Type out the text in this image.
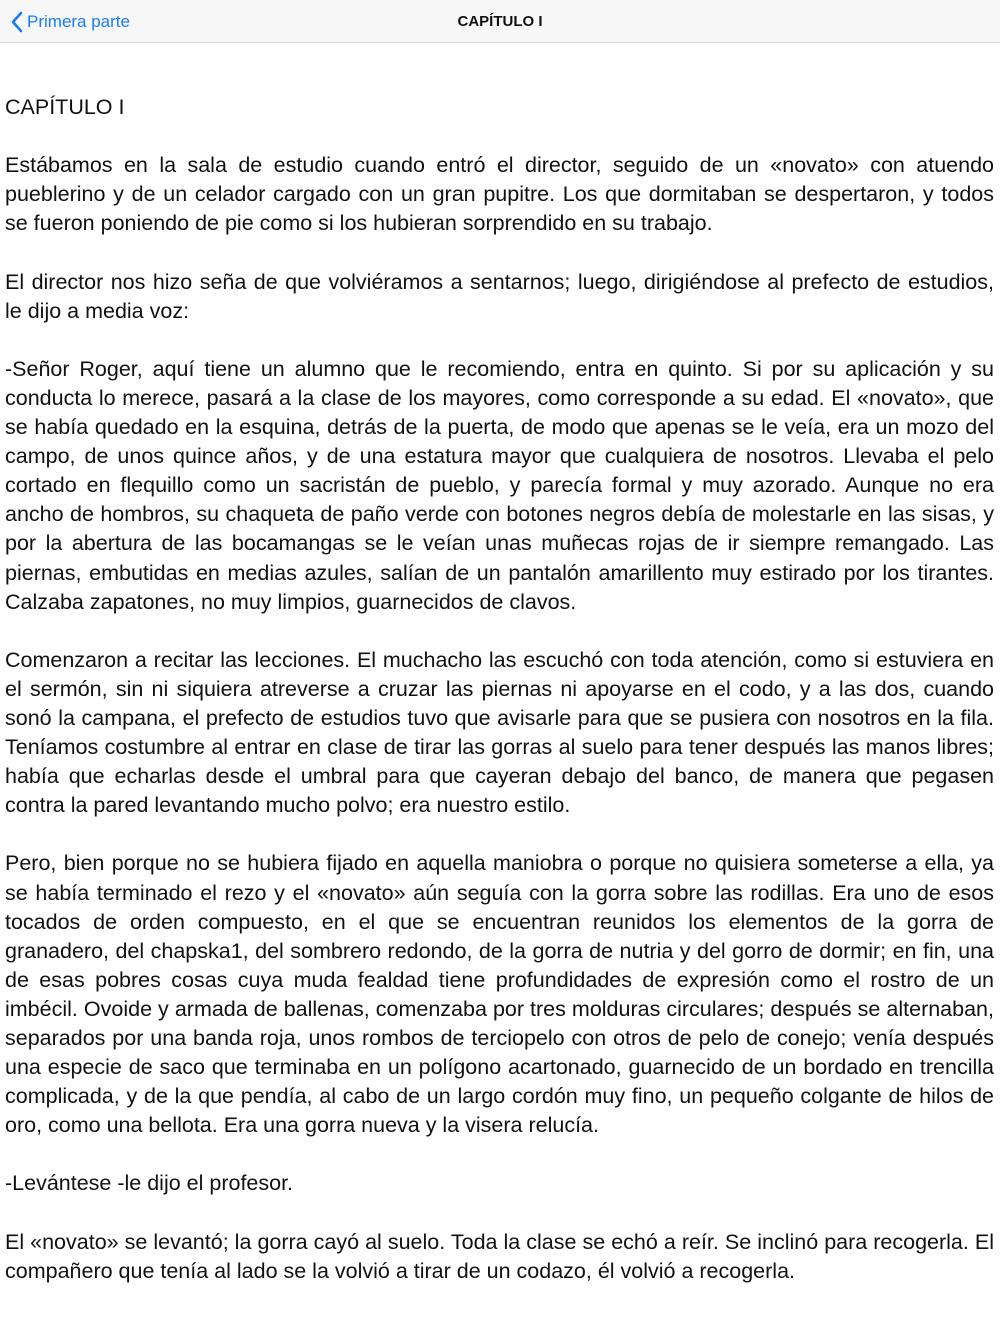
Primera parte	CAPÍTULO I
CAPÍTULO I

Estábamos en la sala de estudio cuando entró el director, seguido de un «novato» con atuendo pueblerino y de un celador cargado con un gran pupitre. Los que dormitaban se despertaron, y todos se fueron poniendo de pie como si los hubieran sorprendido en su trabajo.

El director nos hizo seña de que volviéramos a sentarnos; luego, dirigiéndose al prefecto de estudios, le dijo a media voz:

-Señor Roger, aquí tiene un alumno que le recomiendo, entra en quinto. Si por su aplicación y su conducta lo merece, pasará a la clase de los mayores, como corresponde a su edad. El «novato», que se había quedado en la esquina, detrás de la puerta, de modo que apenas se le veía, era un mozo del campo, de unos quince años, y de una estatura mayor que cualquiera de nosotros. Llevaba el pelo cortado en flequillo como un sacristán de pueblo, y parecía formal y muy azorado. Aunque no era ancho de hombros, su chaqueta de paño verde con botones negros debía de molestarle en las sisas, y por la abertura de las bocamangas se le veían unas muñecas rojas de ir siempre remangado. Las piernas, embutidas en medias azules, salían de un pantalón amarillento muy estirado por los tirantes. Calzaba zapatones, no muy limpios, guarnecidos de clavos.

Comenzaron a recitar las lecciones. El muchacho las escuchó con toda atención, como si estuviera en el sermón, sin ni siquiera atreverse a cruzar las piernas ni apoyarse en el codo, y a las dos, cuando sonó la campana, el prefecto de estudios tuvo que avisarle para que se pusiera con nosotros en la fila. Teníamos costumbre al entrar en clase de tirar las gorras al suelo para tener después las manos libres; había que echarlas desde el umbral para que cayeran debajo del banco, de manera que pegasen contra la pared levantando mucho polvo; era nuestro estilo.

Pero, bien porque no se hubiera fijado en aquella maniobra o porque no quisiera someterse a ella, ya se había terminado el rezo y el «novato» aún seguía con la gorra sobre las rodillas. Era uno de esos tocados de orden compuesto, en el que se encuentran reunidos los elementos de la gorra de granadero, del chapska1, del sombrero redondo, de la gorra de nutria y del gorro de dormir; en fin, una de esas pobres cosas cuya muda fealdad tiene profundidades de expresión como el rostro de un imbécil. Ovoide y armada de ballenas, comenzaba por tres molduras circulares; después se alternaban, separados por una banda roja, unos rombos de terciopelo con otros de pelo de conejo; venía después una especie de saco que terminaba en un polígono acartonado, guarnecido de un bordado en trencilla complicada, y de la que pendía, al cabo de un largo cordón muy fino, un pequeño colgante de hilos de oro, como una bellota. Era una gorra nueva y la visera relucía.

-Levántese -le dijo el profesor.

El «novato» se levantó; la gorra cayó al suelo. Toda la clase se echó a reír. Se inclinó para recogerla. El compañero que tenía al lado se la volvió a tirar de un codazo, él volvió a recogerla.
